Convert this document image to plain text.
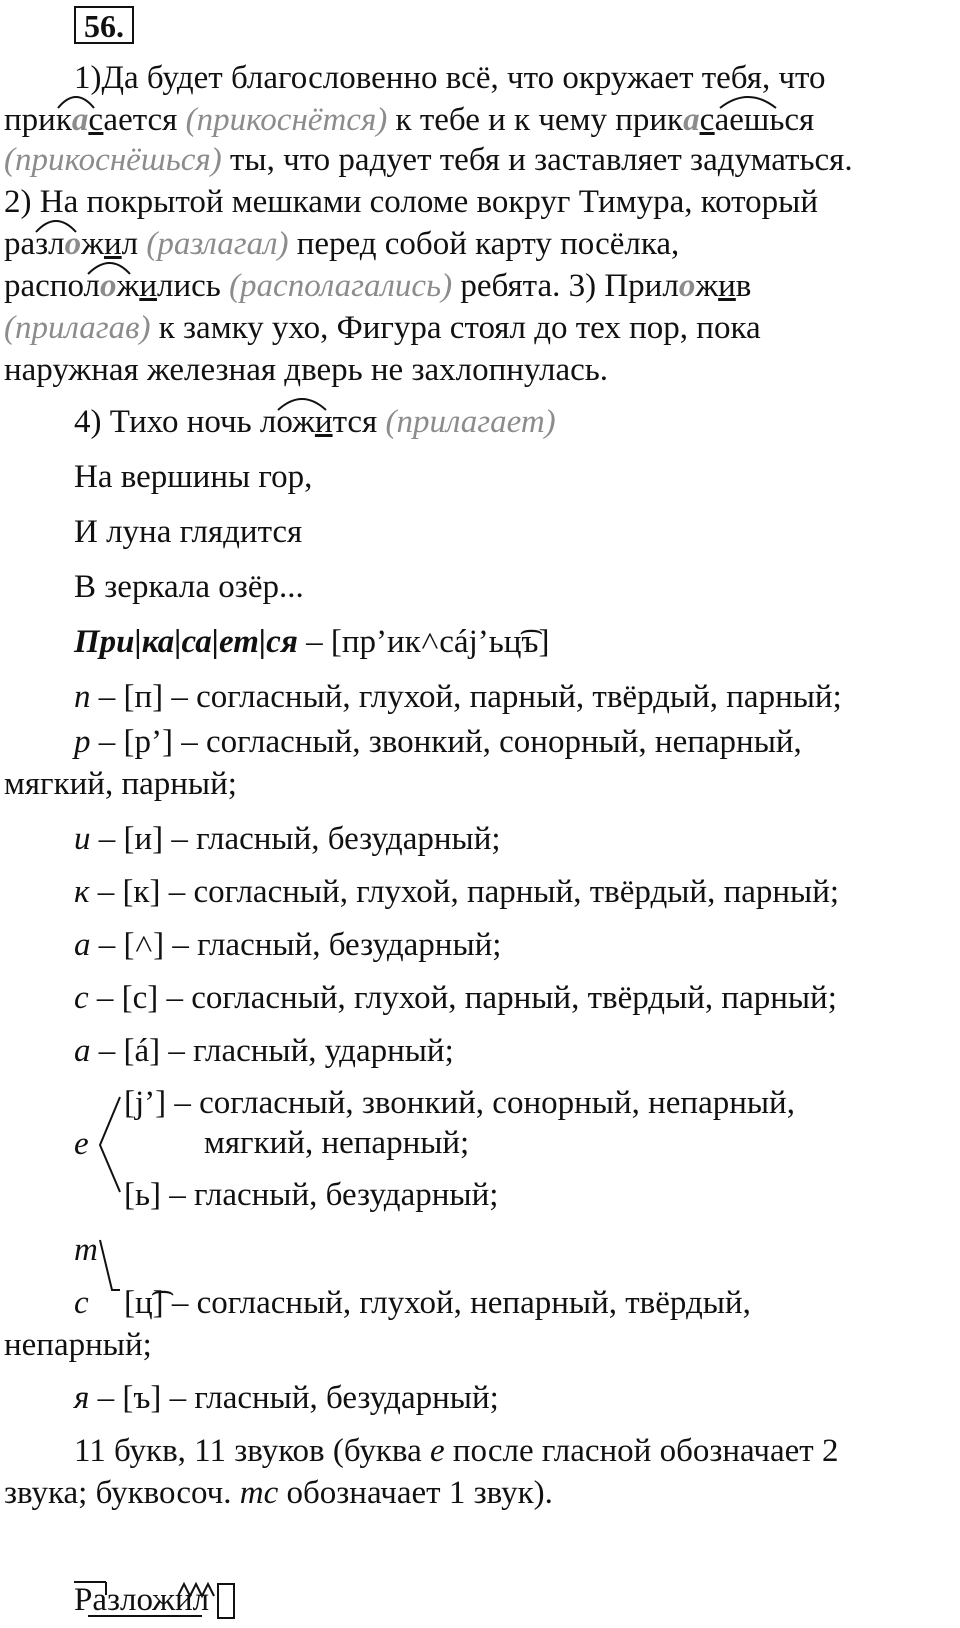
56.
1)Да будет благословенно всё, что окружает тебя, что
прикасается (прикоснётся) к тебе и к чему прикасаешься
(прикоснёшься) ты, что радует тебя и заставляет задуматься.
2) На покрытой мешками соломе вокруг Тимура, который
разложил (разлагал) перед собой карту посёлка,
расположились (располагались) ребята. 3) Приложив
(прилагав) к замку ухо, Фигура стоял до тех пор, пока
наружная железная дверь не захлопнулась.
4) Тихо ночь ложится (прилагает)
На вершины гор,
И луна глядится
В зеркала озёр...
При|ка|са|ет|ся – [пр’ик˄сáj’ьц͡ъ]
п – [п] – согласный, глухой, парный, твёрдый, парный;
р – [р’] – согласный, звонкий, сонорный, непарный,
мягкий, парный;
и – [и] – гласный, безударный;
к – [к] – согласный, глухой, парный, твёрдый, парный;
а – [˄] – гласный, безударный;
с – [с] – согласный, глухой, парный, твёрдый, парный;
а – [á] – гласный, ударный;
е
[j’] – согласный, звонкий, сонорный, непарный,
мягкий, непарный;
[ь] – гласный, безударный;
т
с [ц͡] – согласный, глухой, непарный, твёрдый,
непарный;
я – [ъ] – гласный, безударный;
11 букв, 11 звуков (буква е после гласной обозначает 2
звука; буквосоч. тс обозначает 1 звук).
Разложил
